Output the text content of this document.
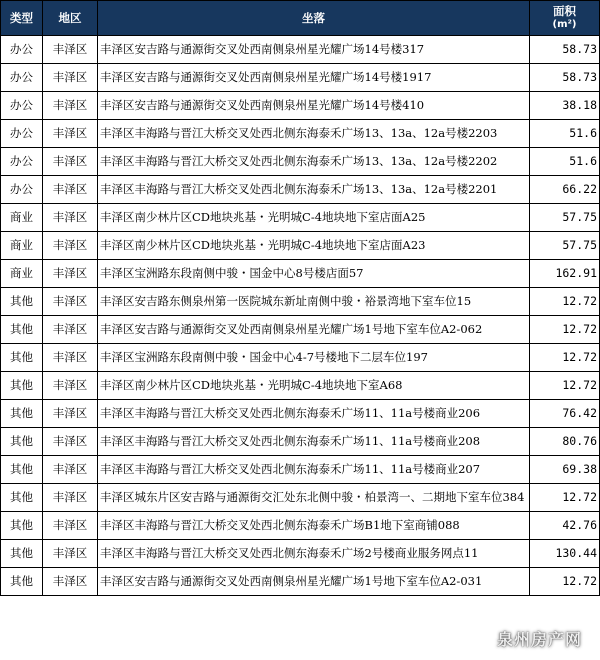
类型	地区	坐落	面积
(m²)

办公	丰泽区	丰泽区安吉路与通源街交叉处西南侧泉州星光耀广场14号楼317	58.73
办公	丰泽区	丰泽区安吉路与通源街交叉处西南侧泉州星光耀广场14号楼1917	58.73
办公	丰泽区	丰泽区安吉路与通源街交叉处西南侧泉州星光耀广场14号楼410	38.18
办公	丰泽区	丰泽区丰海路与晋江大桥交叉处西北侧东海泰禾广场13、13a、12a号楼2203	51.6
办公	丰泽区	丰泽区丰海路与晋江大桥交叉处西北侧东海泰禾广场13、13a、12a号楼2202	51.6
办公	丰泽区	丰泽区丰海路与晋江大桥交叉处西北侧东海泰禾广场13、13a、12a号楼2201	66.22
商业	丰泽区	丰泽区南少林片区CD地块兆基・光明城C-4地块地下室店面A25	57.75
商业	丰泽区	丰泽区南少林片区CD地块兆基・光明城C-4地块地下室店面A23	57.75
商业	丰泽区	丰泽区宝洲路东段南侧中骏・国金中心8号楼店面57	162.91
其他	丰泽区	丰泽区安吉路东侧泉州第一医院城东新址南侧中骏・裕景湾地下室车位15	12.72
其他	丰泽区	丰泽区安吉路与通源街交叉处西南侧泉州星光耀广场1号地下室车位A2-062	12.72
其他	丰泽区	丰泽区宝洲路东段南侧中骏・国金中心4-7号楼地下二层车位197	12.72
其他	丰泽区	丰泽区南少林片区CD地块兆基・光明城C-4地块地下室A68	12.72
其他	丰泽区	丰泽区丰海路与晋江大桥交叉处西北侧东海泰禾广场11、11a号楼商业206	76.42
其他	丰泽区	丰泽区丰海路与晋江大桥交叉处西北侧东海泰禾广场11、11a号楼商业208	80.76
其他	丰泽区	丰泽区丰海路与晋江大桥交叉处西北侧东海泰禾广场11、11a号楼商业207	69.38
其他	丰泽区	丰泽区城东片区安吉路与通源街交汇处东北侧中骏・柏景湾一、二期地下室车位384	12.72
其他	丰泽区	丰泽区丰海路与晋江大桥交叉处西北侧东海泰禾广场B1地下室商铺088	42.76
其他	丰泽区	丰泽区丰海路与晋江大桥交叉处西北侧东海泰禾广场2号楼商业服务网点11	130.44
其他	丰泽区	丰泽区安吉路与通源街交叉处西南侧泉州星光耀广场1号地下室车位A2-031	12.72
泉州房产网
